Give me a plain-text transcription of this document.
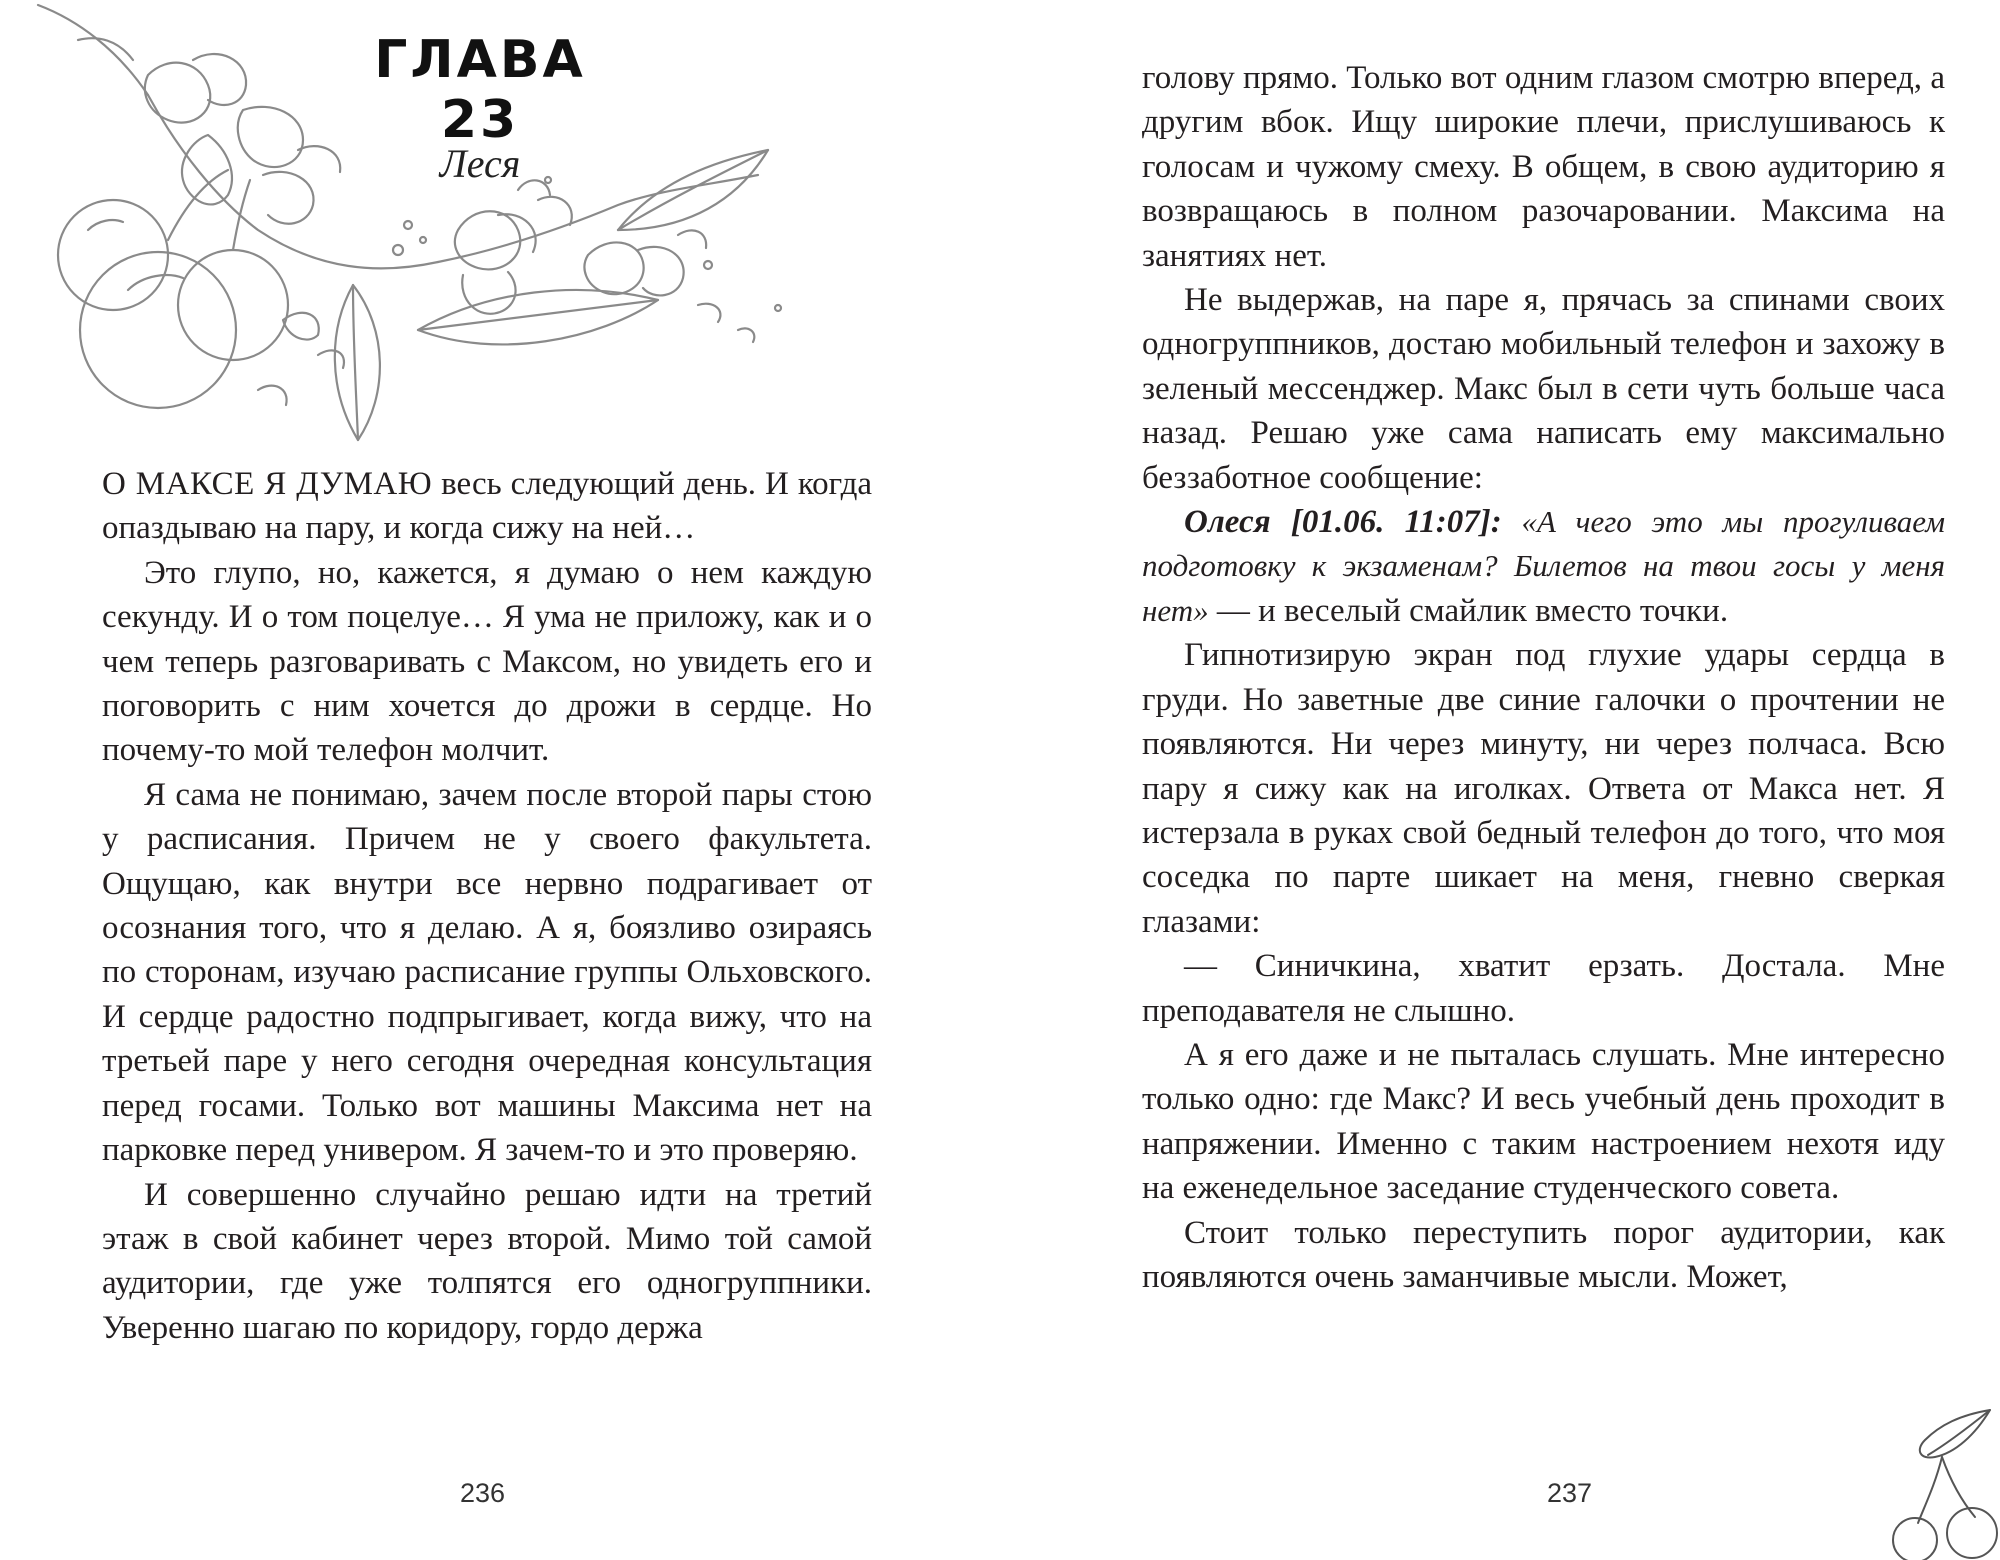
ГЛАВА 23
Леся

О МАКСЕ Я ДУМАЮ весь следующий день. И когда опаздываю на пару, и когда сижу на ней…

Это глупо, но, кажется, я думаю о нем каждую секунду. И о том поцелуе… Я ума не приложу, как и о чем теперь разговаривать с Максом, но увидеть его и поговорить с ним хочется до дрожи в сердце. Но почему-то мой телефон молчит.

Я сама не понимаю, зачем после второй пары стою у расписания. Причем не у своего факультета. Ощущаю, как внутри все нервно подрагивает от осознания того, что я делаю. А я, боязливо озираясь по сторонам, изучаю расписание группы Ольховского. И сердце радостно подпрыгивает, когда вижу, что на третьей паре у него сегодня очередная консультация перед госами. Только вот машины Максима нет на парковке перед универом. Я зачем-то и это проверяю.

И совершенно случайно решаю идти на третий этаж в свой кабинет через второй. Мимо той самой аудитории, где уже толпятся его одногруппники. Уверенно шагаю по коридору, гордо держа

236

голову прямо. Только вот одним глазом смотрю вперед, а другим вбок. Ищу широкие плечи, прислушиваюсь к голосам и чужому смеху. В общем, в свою аудиторию я возвращаюсь в полном разочаровании. Максима на занятиях нет.

Не выдержав, на паре я, прячась за спинами своих одногруппников, достаю мобильный телефон и захожу в зеленый мессенджер. Макс был в сети чуть больше часа назад. Решаю уже сама написать ему максимально беззаботное сообщение:

Олеся [01.06. 11:07]: «А чего это мы прогуливаем подготовку к экзаменам? Билетов на твои госы у меня нет» — и веселый смайлик вместо точки.

Гипнотизирую экран под глухие удары сердца в груди. Но заветные две синие галочки о прочтении не появляются. Ни через минуту, ни через полчаса. Всю пару я сижу как на иголках. Ответа от Макса нет. Я истерзала в руках свой бедный телефон до того, что моя соседка по парте шикает на меня, гневно сверкая глазами:

— Синичкина, хватит ерзать. Достала. Мне преподавателя не слышно.

А я его даже и не пыталась слушать. Мне интересно только одно: где Макс? И весь учебный день проходит в напряжении. Именно с таким настроением нехотя иду на еженедельное заседание студенческого совета.

Стоит только переступить порог аудитории, как появляются очень заманчивые мысли. Может,

237
